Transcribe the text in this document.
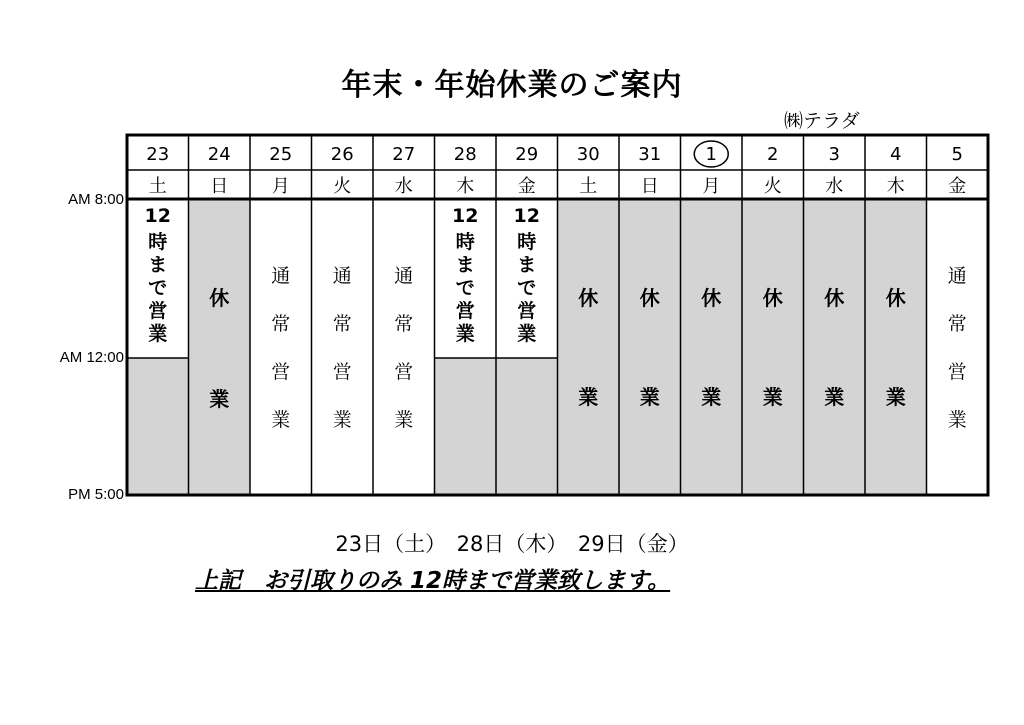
年末・年始休業のご案内
㈱テラダ
AM 8:00
AM 12:00
PM 5:00
23
土
12
時
ま
で
営
業
24
日
休
業
25
月
通
常
営
業
26
火
通
常
営
業
27
水
通
常
営
業
28
木
12
時
ま
で
営
業
29
金
12
時
ま
で
営
業
30
土
休
業
31
日
休
業
1
月
休
業
2
火
休
業
3
水
休
業
4
木
休
業
5
金
通
常
営
業
23日（土）　28日（木）　29日（金）
上記　お引取りのみ 12時まで営業致します。
